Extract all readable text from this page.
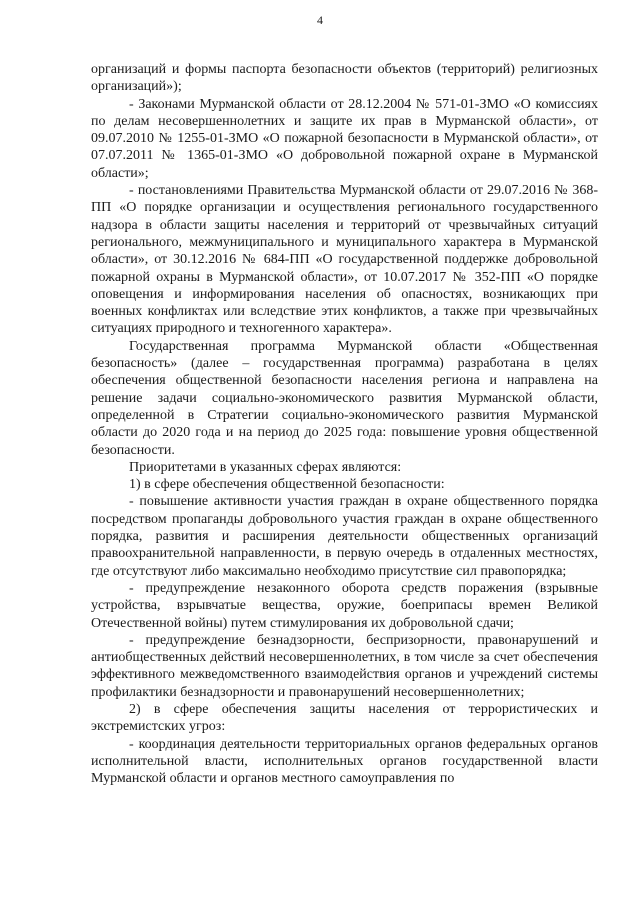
4

организаций и формы паспорта безопасности объектов (территорий) религиозных организаций»);

- Законами Мурманской области от 28.12.2004 № 571-01-ЗМО «О комиссиях по делам несовершеннолетних и защите их прав в Мурманской области», от 09.07.2010 № 1255-01-ЗМО «О пожарной безопасности в Мурманской области», от 07.07.2011 № 1365-01-ЗМО «О добровольной пожарной охране в Мурманской области»;

- постановлениями Правительства Мурманской области от 29.07.2016 № 368-ПП «О порядке организации и осуществления регионального государственного надзора в области защиты населения и территорий от чрезвычайных ситуаций регионального, межмуниципального и муниципального характера в Мурманской области», от 30.12.2016 № 684-ПП «О государственной поддержке добровольной пожарной охраны в Мурманской области», от 10.07.2017 № 352-ПП «О порядке оповещения и информирования населения об опасностях, возникающих при военных конфликтах или вследствие этих конфликтов, а также при чрезвычайных ситуациях природного и техногенного характера».

Государственная программа Мурманской области «Общественная безопасность» (далее – государственная программа) разработана в целях обеспечения общественной безопасности населения региона и направлена на решение задачи социально-экономического развития Мурманской области, определенной в Стратегии социально-экономического развития Мурманской области до 2020 года и на период до 2025 года: повышение уровня общественной безопасности.

Приоритетами в указанных сферах являются:

1) в сфере обеспечения общественной безопасности:

- повышение активности участия граждан в охране общественного порядка посредством пропаганды добровольного участия граждан в охране общественного порядка, развития и расширения деятельности общественных организаций правоохранительной направленности, в первую очередь в отдаленных местностях, где отсутствуют либо максимально необходимо присутствие сил правопорядка;

- предупреждение незаконного оборота средств поражения (взрывные устройства, взрывчатые вещества, оружие, боеприпасы времен Великой Отечественной войны) путем стимулирования их добровольной сдачи;

- предупреждение безнадзорности, беспризорности, правонарушений и антиобщественных действий несовершеннолетних, в том числе за счет обеспечения эффективного межведомственного взаимодействия органов и учреждений системы профилактики безнадзорности и правонарушений несовершеннолетних;

2) в сфере обеспечения защиты населения от террористических и экстремистских угроз:

- координация деятельности территориальных органов федеральных органов исполнительной власти, исполнительных органов государственной власти Мурманской области и органов местного самоуправления по
